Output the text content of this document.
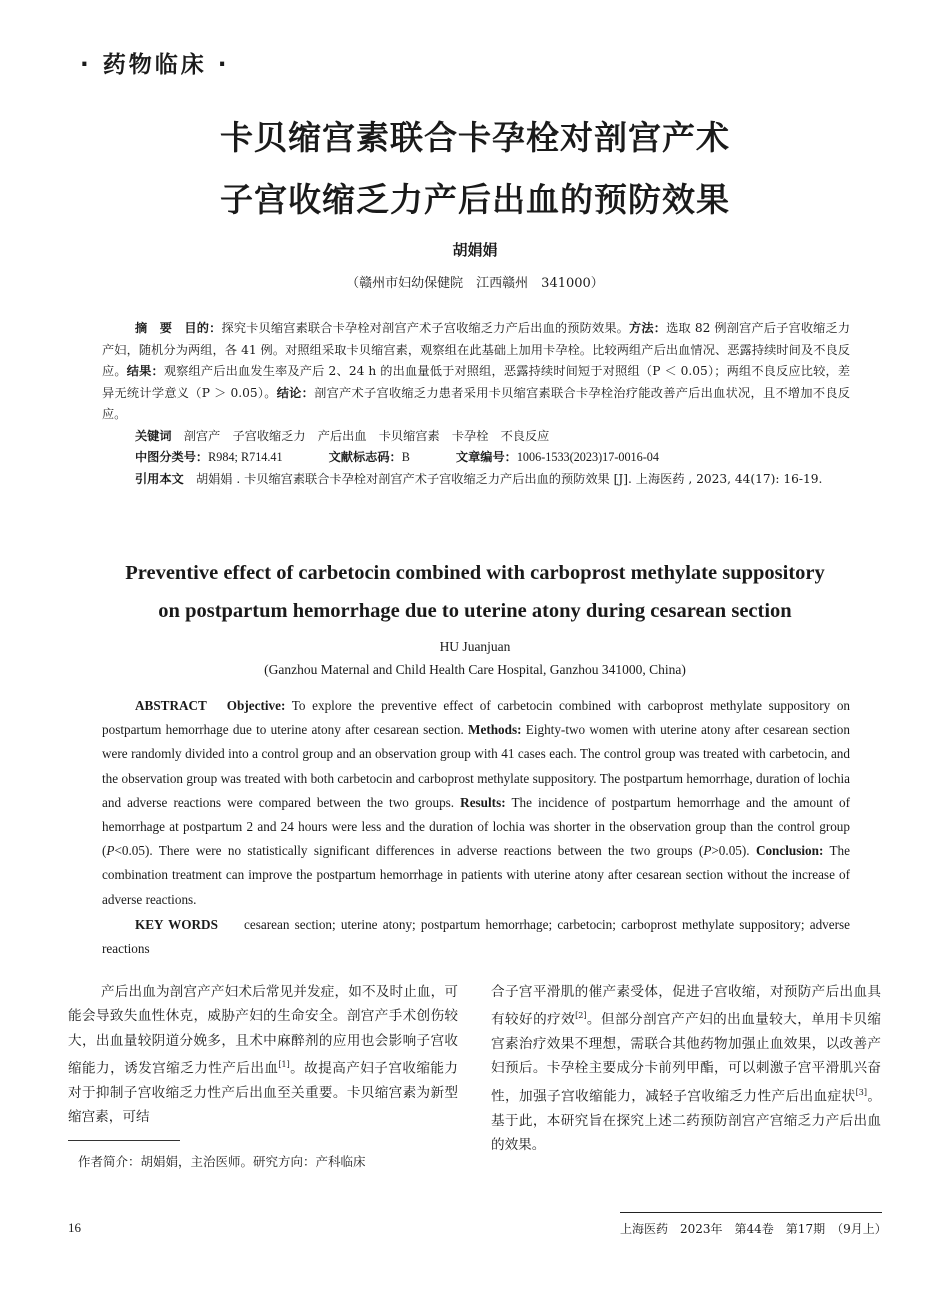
· 药物临床 ·
卡贝缩宫素联合卡孕栓对剖宫产术
子宫收缩乏力产后出血的预防效果
胡娟娟
（赣州市妇幼保健院　江西赣州　341000）

摘　要　 目的：探究卡贝缩宫素联合卡孕栓对剖宫产术子宫收缩乏力产后出血的预防效果。方法：选取 82 例剖宫产后子宫收缩乏力产妇，随机分为两组，各 41 例。对照组采取卡贝缩宫素，观察组在此基础上加用卡孕栓。比较两组产后出血情况、恶露持续时间及不良反应。结果：观察组产后出血发生率及产后 2、24 h 的出血量低于对照组，恶露持续时间短于对照组（P ＜ 0.05）；两组不良反应比较，差异无统计学意义（P ＞ 0.05）。结论：剖宫产术子宫收缩乏力患者采用卡贝缩宫素联合卡孕栓治疗能改善产后出血状况，且不增加不良反应。

关键词　 剖宫产　子宫收缩乏力　产后出血　卡贝缩宫素　卡孕栓　不良反应

中图分类号：R984; R714.41	文献标志码：B	文章编号：1006-1533(2023)17-0016-04

引用本文　 胡娟娟 . 卡贝缩宫素联合卡孕栓对剖宫产术子宫收缩乏力产后出血的预防效果 [J]. 上海医药 , 2023, 44(17): 16-19.

Preventive effect of carbetocin combined with carboprost methylate suppository
on postpartum hemorrhage due to uterine atony during cesarean section
HU Juanjuan
(Ganzhou Maternal and Child Health Care Hospital, Ganzhou 341000, China)

ABSTRACT Objective: To explore the preventive effect of carbetocin combined with carboprost methylate suppository on postpartum hemorrhage due to uterine atony after cesarean section. Methods: Eighty-two women with uterine atony after cesarean section were randomly divided into a control group and an observation group with 41 cases each. The control group was treated with carbetocin, and the observation group was treated with both carbetocin and carboprost methylate suppository. The postpartum hemorrhage, duration of lochia and adverse reactions were compared between the two groups. Results: The incidence of postpartum hemorrhage and the amount of hemorrhage at postpartum 2 and 24 hours were less and the duration of lochia was shorter in the observation group than the control group (P<0.05). There were no statistically significant differences in adverse reactions between the two groups (P>0.05). Conclusion: The combination treatment can improve the postpartum hemorrhage in patients with uterine atony after cesarean section without the increase of adverse reactions.

KEY WORDS cesarean section; uterine atony; postpartum hemorrhage; carbetocin; carboprost methylate suppository; adverse reactions

产后出血为剖宫产产妇术后常见并发症，如不及时止血，可能会导致失血性休克，威胁产妇的生命安全。剖宫产手术创伤较大，出血量较阴道分娩多，且术中麻醉剂的应用也会影响子宫收缩能力，诱发宫缩乏力性产后出血[1]。故提高产妇子宫收缩能力对于抑制子宫收缩乏力性产后出血至关重要。卡贝缩宫素为新型缩宫素，可结

合子宫平滑肌的催产素受体，促进子宫收缩，对预防产后出血具有较好的疗效[2]。但部分剖宫产产妇的出血量较大，单用卡贝缩宫素治疗效果不理想，需联合其他药物加强止血效果，以改善产妇预后。卡孕栓主要成分卡前列甲酯，可以刺激子宫平滑肌兴奋性，加强子宫收缩能力，减轻子宫收缩乏力性产后出血症状[3]。基于此，本研究旨在探究上述二药预防剖宫产宫缩乏力产后出血的效果。

作者简介：胡娟娟，主治医师。研究方向：产科临床
16	上海医药　2023年　第44卷　第17期　（9月上）
